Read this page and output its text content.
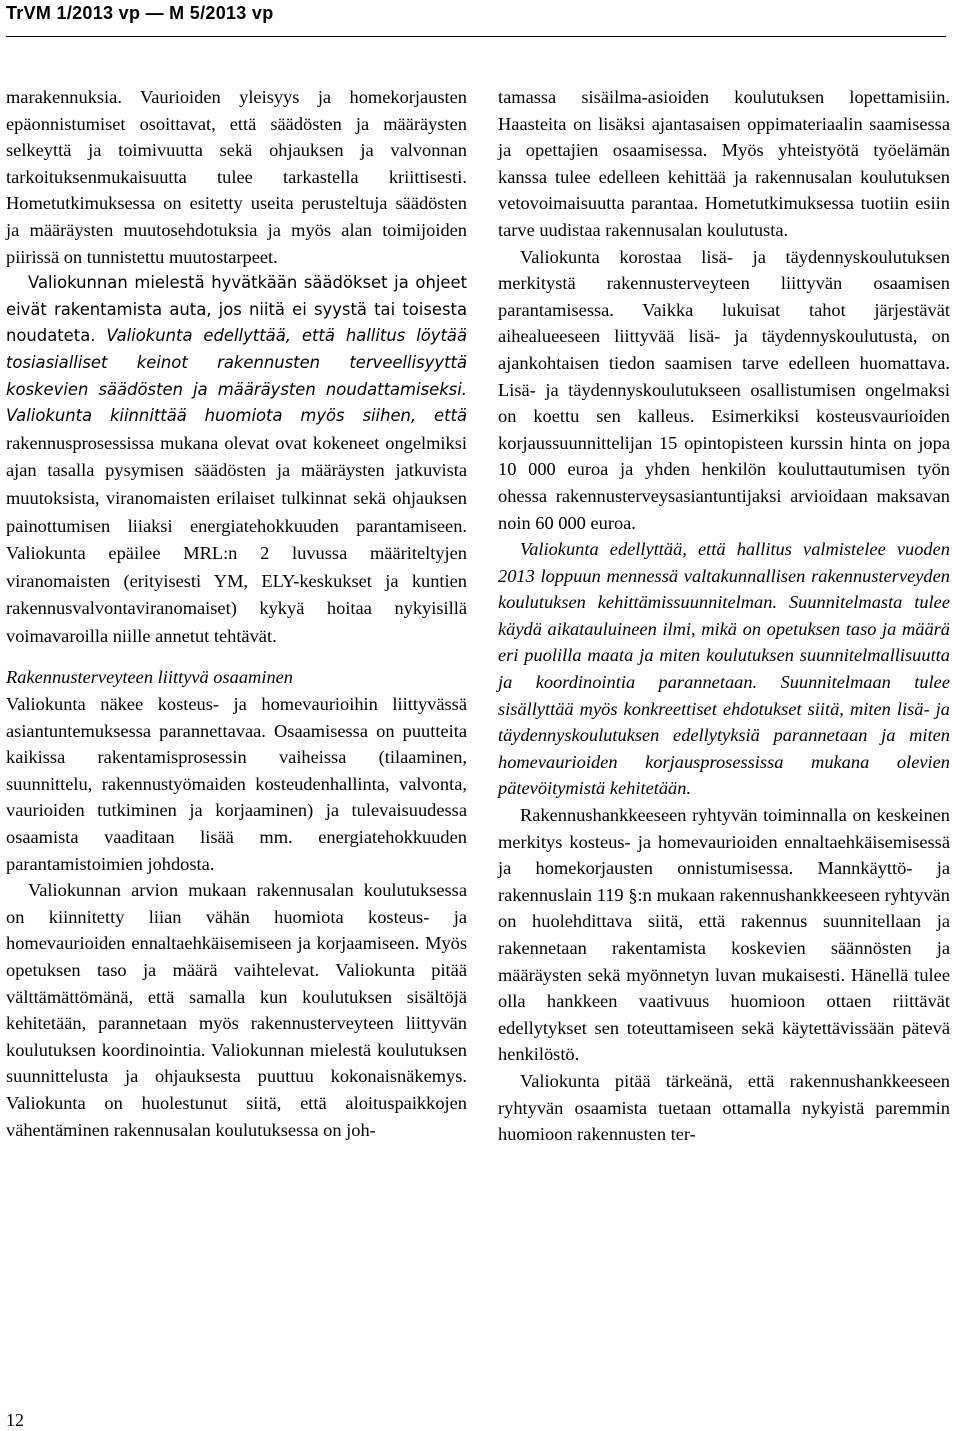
TrVM 1/2013 vp — M 5/2013 vp

marakennuksia. Vaurioiden yleisyys ja homekorjausten epäonnistumiset osoittavat, että säädösten ja määräysten selkeyttä ja toimivuutta sekä ohjauksen ja valvonnan tarkoituksenmukaisuutta tulee tarkastella kriittisesti. Hometutkimuksessa on esitetty useita perusteltuja säädösten ja määräysten muutosehdotuksia ja myös alan toimijoiden piirissä on tunnistettu muutostarpeet.

Valiokunnan mielestä hyvätkään säädökset ja ohjeet eivät rakentamista auta, jos niitä ei syystä tai toisesta noudateta. Valiokunta edellyttää, että hallitus löytää tosiasialliset keinot rakennusten terveellisyyttä koskevien säädösten ja määräysten noudattamiseksi. Valiokunta kiinnittää huomiota myös siihen, että rakennusprosessissa mukana olevat ovat kokeneet ongelmiksi ajan tasalla pysymisen säädösten ja määräysten jatkuvista muutoksista, viranomaisten erilaiset tulkinnat sekä ohjauksen painottumisen liiaksi energiatehokkuuden parantamiseen. Valiokunta epäilee MRL:n 2 luvussa määriteltyjen viranomaisten (erityisesti YM, ELY-keskukset ja kuntien rakennusvalvontaviranomaiset) kykyä hoitaa nykyisillä voimavaroilla niille annetut tehtävät.

Rakennusterveyteen liittyvä osaaminen

Valiokunta näkee kosteus- ja homevaurioihin liittyvässä asiantuntemuksessa parannettavaa. Osaamisessa on puutteita kaikissa rakentamisprosessin vaiheissa (tilaaminen, suunnittelu, rakennustyömaiden kosteudenhallinta, valvonta, vaurioiden tutkiminen ja korjaaminen) ja tulevaisuudessa osaamista vaaditaan lisää mm. energiatehokkuuden parantamistoimien johdosta.

Valiokunnan arvion mukaan rakennusalan koulutuksessa on kiinnitetty liian vähän huomiota kosteus- ja homevaurioiden ennaltaehkäisemiseen ja korjaamiseen. Myös opetuksen taso ja määrä vaihtelevat. Valiokunta pitää välttämättömänä, että samalla kun koulutuksen sisältöjä kehitetään, parannetaan myös rakennusterveyteen liittyvän koulutuksen koordinointia. Valiokunnan mielestä koulutuksen suunnittelusta ja ohjauksesta puuttuu kokonaisnäkemys. Valiokunta on huolestunut siitä, että aloituspaikkojen vähentäminen rakennusalan koulutuksessa on joh-

tamassa sisäilma-asioiden koulutuksen lopettamisiin. Haasteita on lisäksi ajantasaisen oppimateriaalin saamisessa ja opettajien osaamisessa. Myös yhteistyötä työelämän kanssa tulee edelleen kehittää ja rakennusalan koulutuksen vetovoimaisuutta parantaa. Hometutkimuksessa tuotiin esiin tarve uudistaa rakennusalan koulutusta.

Valiokunta korostaa lisä- ja täydennyskoulutuksen merkitystä rakennusterveyteen liittyvän osaamisen parantamisessa. Vaikka lukuisat tahot järjestävät aihealueeseen liittyvää lisä- ja täydennyskoulutusta, on ajankohtaisen tiedon saamisen tarve edelleen huomattava. Lisä- ja täydennyskoulutukseen osallistumisen ongelmaksi on koettu sen kalleus. Esimerkiksi kosteusvaurioiden korjaussuunnittelijan 15 opintopisteen kurssin hinta on jopa 10 000 euroa ja yhden henkilön kouluttautumisen työn ohessa rakennusterveysasiantuntijaksi arvioidaan maksavan noin 60 000 euroa.

Valiokunta edellyttää, että hallitus valmistelee vuoden 2013 loppuun mennessä valtakunnallisen rakennusterveyden koulutuksen kehittämissuunnitelman. Suunnitelmasta tulee käydä aikatauluineen ilmi, mikä on opetuksen taso ja määrä eri puolilla maata ja miten koulutuksen suunnitelmallisuutta ja koordinointia parannetaan. Suunnitelmaan tulee sisällyttää myös konkreettiset ehdotukset siitä, miten lisä- ja täydennyskoulutuksen edellytyksiä parannetaan ja miten homevaurioiden korjausprosessissa mukana olevien pätevöitymistä kehitetään.

Rakennushankkeeseen ryhtyvän toiminnalla on keskeinen merkitys kosteus- ja homevaurioiden ennaltaehkäisemisessä ja homekorjausten onnistumisessa. Mannkäyttö- ja rakennuslain 119 §:n mukaan rakennushankkeeseen ryhtyvän on huolehdittava siitä, että rakennus suunnitellaan ja rakennetaan rakentamista koskevien säännösten ja määräysten sekä myönnetyn luvan mukaisesti. Hänellä tulee olla hankkeen vaativuus huomioon ottaen riittävät edellytykset sen toteuttamiseen sekä käytettävissään pätevä henkilöstö.

Valiokunta pitää tärkeänä, että rakennushankkeeseen ryhtyvän osaamista tuetaan ottamalla nykyistä paremmin huomioon rakennusten ter-

12
